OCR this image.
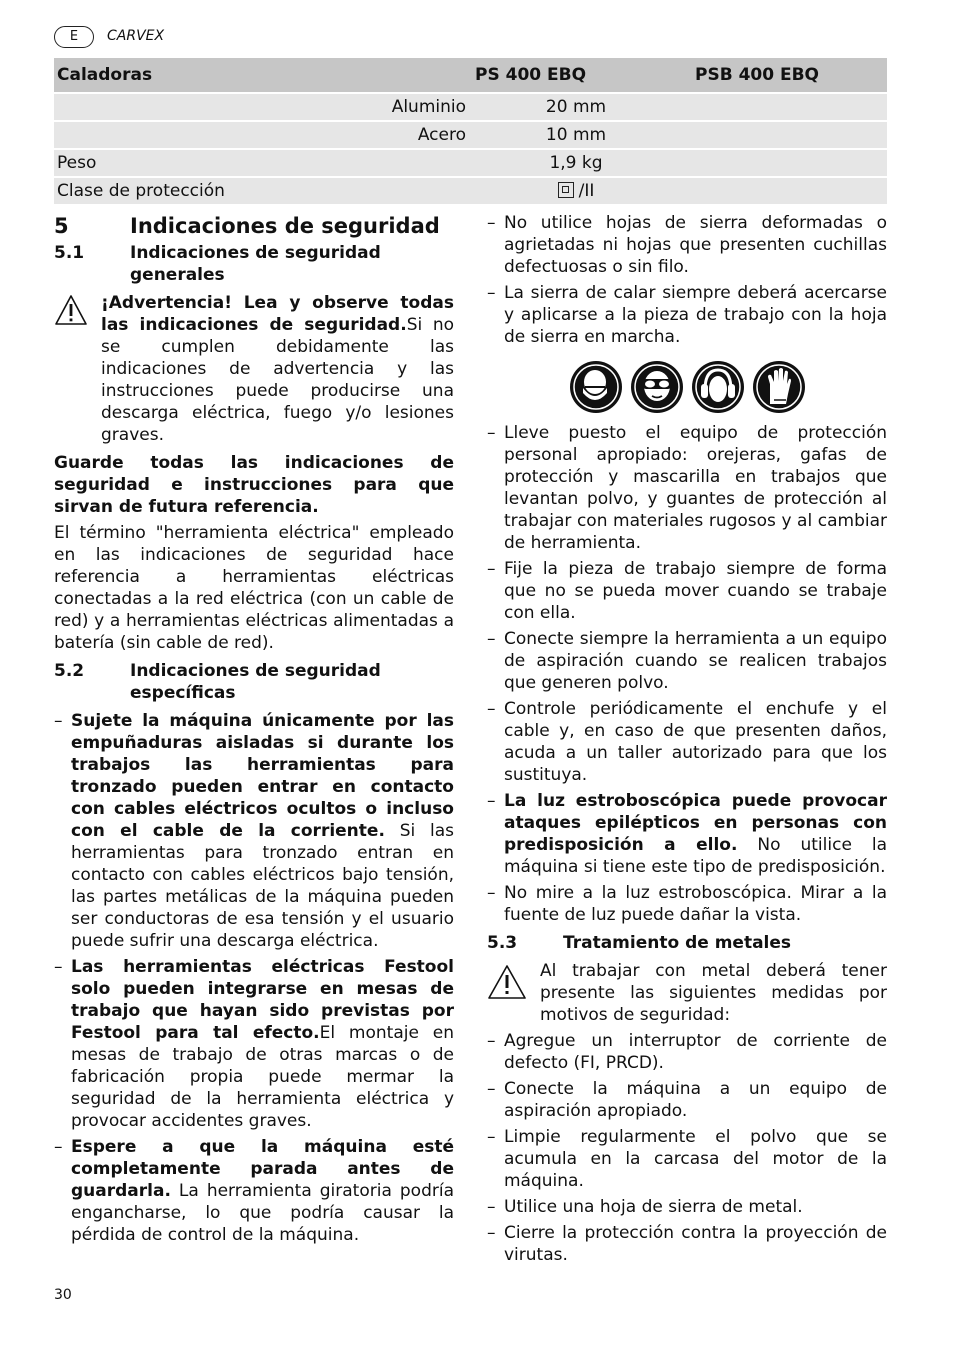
E	CARVEX
Caladoras	PS 400 EBQ	PSB 400 EBQ
Aluminio	20 mm	
Acero	10 mm	
Peso	1,9 kg	
Clase de protección	/II	
5	Indicaciones de seguridad
5.1	Indicaciones de seguridad generales

¡Advertencia! Lea y observe todas las indicaciones de seguridad.Si no se cumplen debidamente las indicaciones de advertencia y las instrucciones puede producirse una descarga eléctrica, fuego y/o lesiones graves.

Guarde todas las indicaciones de seguridad e instrucciones para que sirvan de futura referencia.

El término "herramienta eléctrica" empleado en las indicaciones de seguridad hace referencia a herramientas eléctricas conectadas a la red eléctrica (con un cable de red) y a herramientas eléctricas alimentadas a batería (sin cable de red).

5.2	Indicaciones de seguridad específicas
– Sujete la máquina únicamente por las empuñaduras aisladas si durante los trabajos las herramientas para tronzado pueden entrar en contacto con cables eléctricos ocultos o incluso con el cable de la corriente. Si las herramientas para tronzado entran en contacto con cables eléctricos bajo tensión, las partes metálicas de la máquina pueden ser conductoras de esa tensión y el usuario puede sufrir una descarga eléctrica.
– Las herramientas eléctricas Festool solo pueden integrarse en mesas de trabajo que hayan sido previstas por Festool para tal efecto.El montaje en mesas de trabajo de otras marcas o de fabricación propia puede mermar la seguridad de la herramienta eléctrica y provocar accidentes graves.
– Espere a que la máquina esté completamente parada antes de guardarla. La herramienta giratoria podría engancharse, lo que podría causar la pérdida de control de la máquina.
– No utilice hojas de sierra deformadas o agrietadas ni hojas que presenten cuchillas defectuosas o sin filo.
– La sierra de calar siempre deberá acercarse y aplicarse a la pieza de trabajo con la hoja de sierra en marcha.
– Lleve puesto el equipo de protección personal apropiado: orejeras, gafas de protección y mascarilla en trabajos que levantan polvo, y guantes de protección al trabajar con materiales rugosos y al cambiar de herramienta.
– Fije la pieza de trabajo siempre de forma que no se pueda mover cuando se trabaje con ella.
– Conecte siempre la herramienta a un equipo de aspiración cuando se realicen trabajos que generen polvo.
– Controle periódicamente el enchufe y el cable y, en caso de que presenten daños, acuda a un taller autorizado para que los sustituya.
– La luz estroboscópica puede provocar ataques epilépticos en personas con predisposición a ello. No utilice la máquina si tiene este tipo de predisposición.
– No mire a la luz estroboscópica. Mirar a la fuente de luz puede dañar la vista.
5.3	Tratamiento de metales
Al trabajar con metal deberá tener presente las siguientes medidas por motivos de seguridad:
– Agregue un interruptor de corriente de defecto (FI, PRCD).
– Conecte la máquina a un equipo de aspiración apropiado.
– Limpie regularmente el polvo que se acumula en la carcasa del motor de la máquina.
– Utilice una hoja de sierra de metal.
– Cierre la protección contra la proyección de virutas.
30
